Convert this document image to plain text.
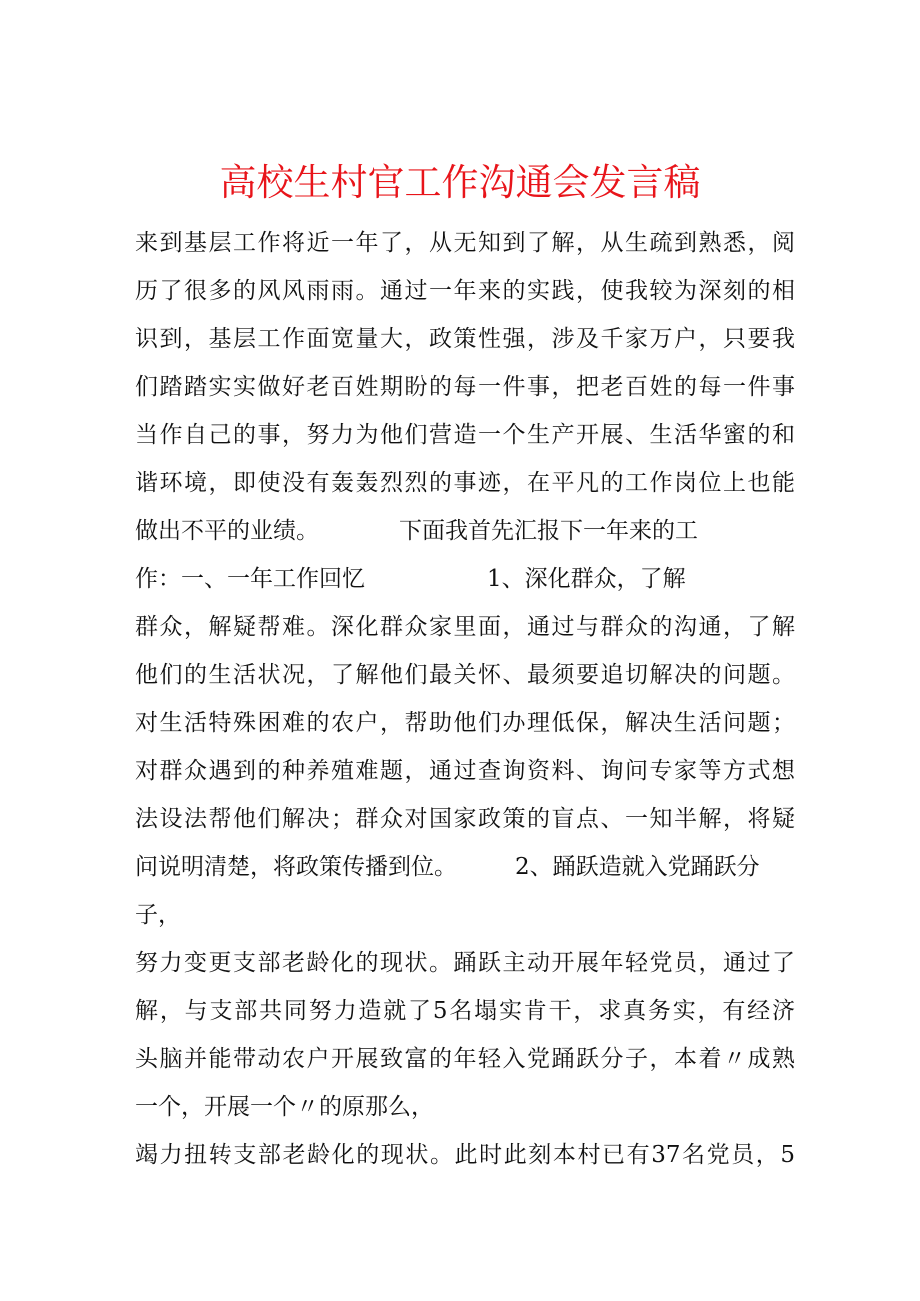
高校生村官工作沟通会发言稿
来到基层工作将近一年了，从无知到了解，从生疏到熟悉，阅
历了很多的风风雨雨。通过一年来的实践，使我较为深刻的相
识到，基层工作面宽量大，政策性强，涉及千家万户，只要我
们踏踏实实做好老百姓期盼的每一件事，把老百姓的每一件事
当作自己的事，努力为他们营造一个生产开展、生活华蜜的和
谐环境，即使没有轰轰烈烈的事迹，在平凡的工作岗位上也能
做出不平的业绩。	下面我首先汇报下一年来的工
作：一、一年工作回忆	1、深化群众，了解
群众，解疑帮难。深化群众家里面，通过与群众的沟通，了解
他们的生活状况，了解他们最关怀、最须要追切解决的问题。
对生活特殊困难的农户，帮助他们办理低保，解决生活问题；
对群众遇到的种养殖难题，通过查询资料、询问专家等方式想
法设法帮他们解决；群众对国家政策的盲点、一知半解，将疑
问说明清楚，将政策传播到位。	2、踊跃造就入党踊跃分
子，
努力变更支部老龄化的现状。踊跃主动开展年轻党员，通过了
解，与支部共同努力造就了5名塌实肯干，求真务实，有经济
头脑并能带动农户开展致富的年轻入党踊跃分子，本着〃成熟
一个，开展一个〃的原那么，
竭力扭转支部老龄化的现状。此时此刻本村已有37名党员，5
